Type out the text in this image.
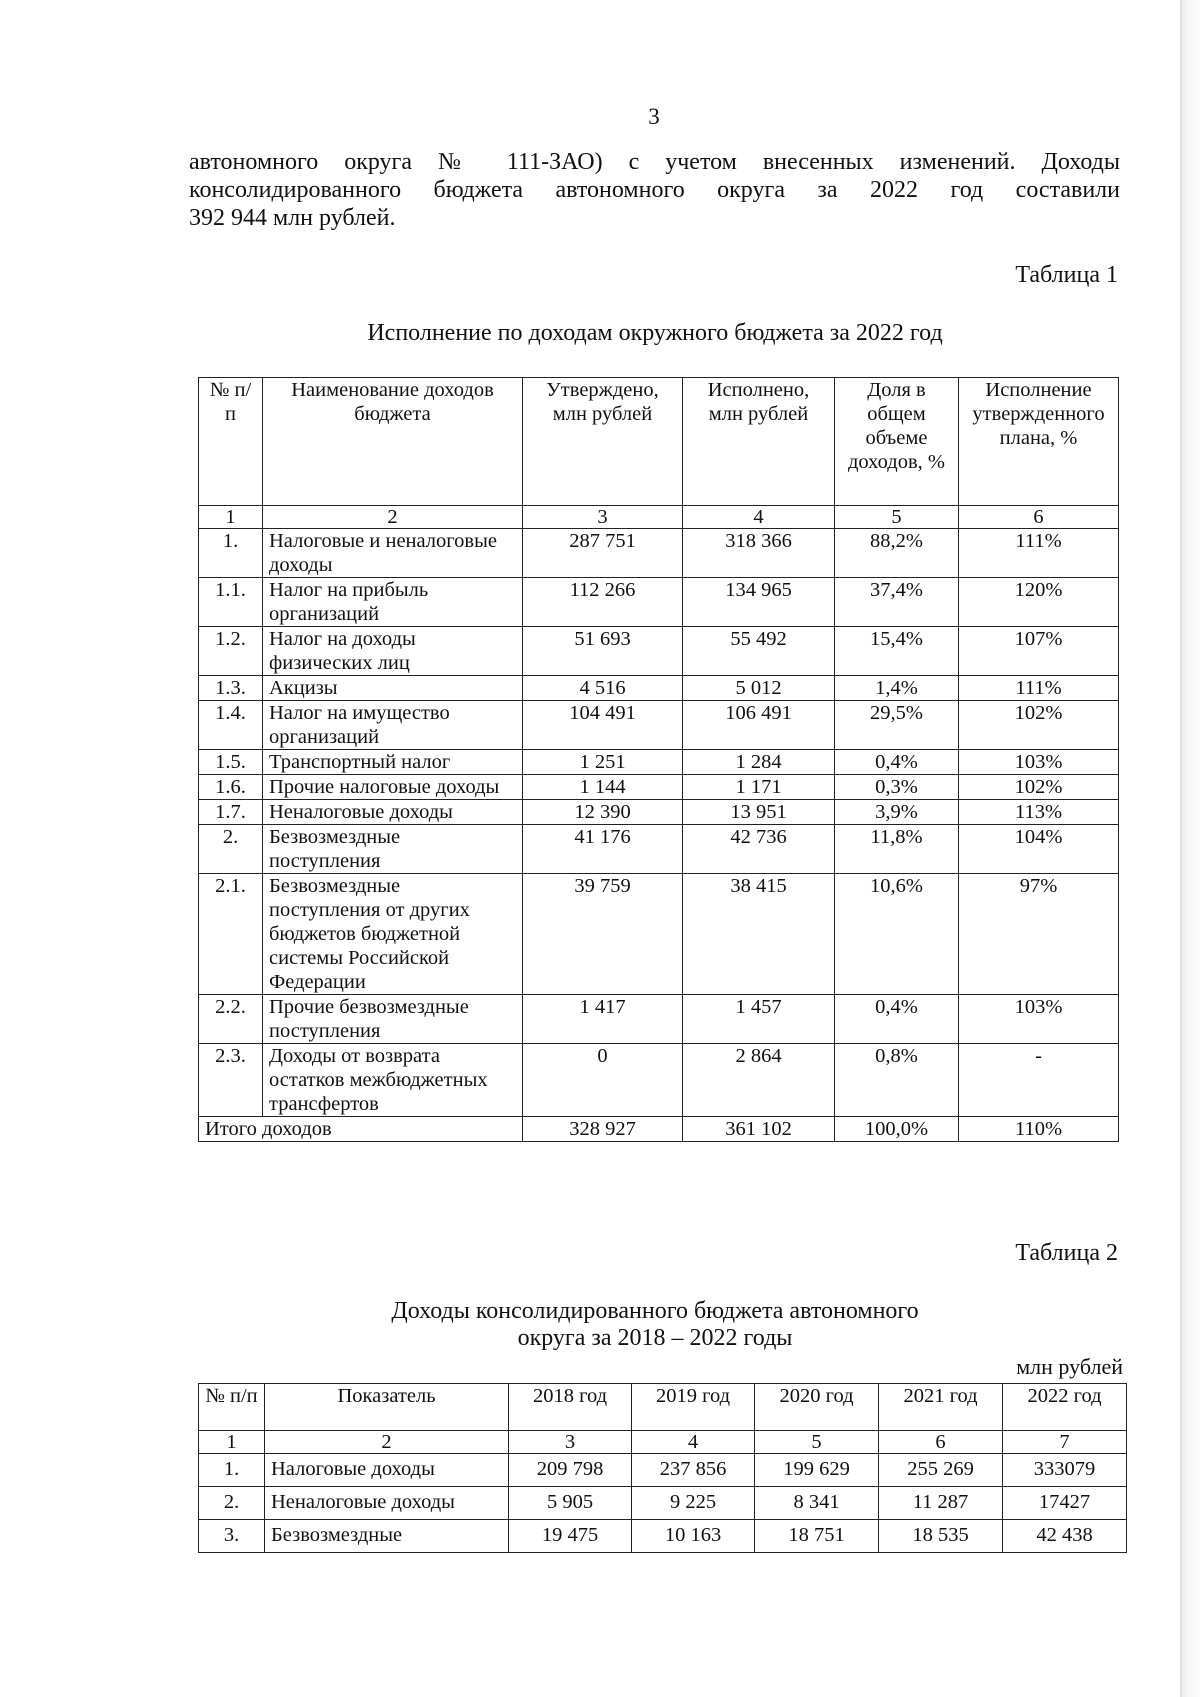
3
автономного округа № 111-ЗАО) с учетом внесенных изменений. Доходы
консолидированного бюджета автономного округа за 2022 год составили
392 944 млн рублей.
Таблица 1
Исполнение по доходам окружного бюджета за 2022 год
№ п/п	Наименование доходов бюджета	Утверждено, млн рублей	Исполнено, млн рублей	Доля в общем объеме доходов, %	Исполнение утвержденного плана, %
1	2	3	4	5	6
1.	Налоговые и неналоговые доходы	287 751	318 366	88,2%	111%
1.1.	Налог на прибыль организаций	112 266	134 965	37,4%	120%
1.2.	Налог на доходы физических лиц	51 693	55 492	15,4%	107%
1.3.	Акцизы	4 516	5 012	1,4%	111%
1.4.	Налог на имущество организаций	104 491	106 491	29,5%	102%
1.5.	Транспортный налог	1 251	1 284	0,4%	103%
1.6.	Прочие налоговые доходы	1 144	1 171	0,3%	102%
1.7.	Неналоговые доходы	12 390	13 951	3,9%	113%
2.	Безвозмездные поступления	41 176	42 736	11,8%	104%
2.1.	Безвозмездные поступления от других бюджетов бюджетной системы Российской Федерации	39 759	38 415	10,6%	97%
2.2.	Прочие безвозмездные поступления	1 417	1 457	0,4%	103%
2.3.	Доходы от возврата остатков межбюджетных трансфертов	0	2 864	0,8%	-
Итого доходов		328 927	361 102	100,0%	110%
Таблица 2
Доходы консолидированного бюджета автономного
округа за 2018 – 2022 годы
млн рублей
№ п/п	Показатель	2018 год	2019 год	2020 год	2021 год	2022 год
1	2	3	4	5	6	7
1.	Налоговые доходы	209 798	237 856	199 629	255 269	333079
2.	Неналоговые доходы	5 905	9 225	8 341	11 287	17427
3.	Безвозмездные	19 475	10 163	18 751	18 535	42 438
